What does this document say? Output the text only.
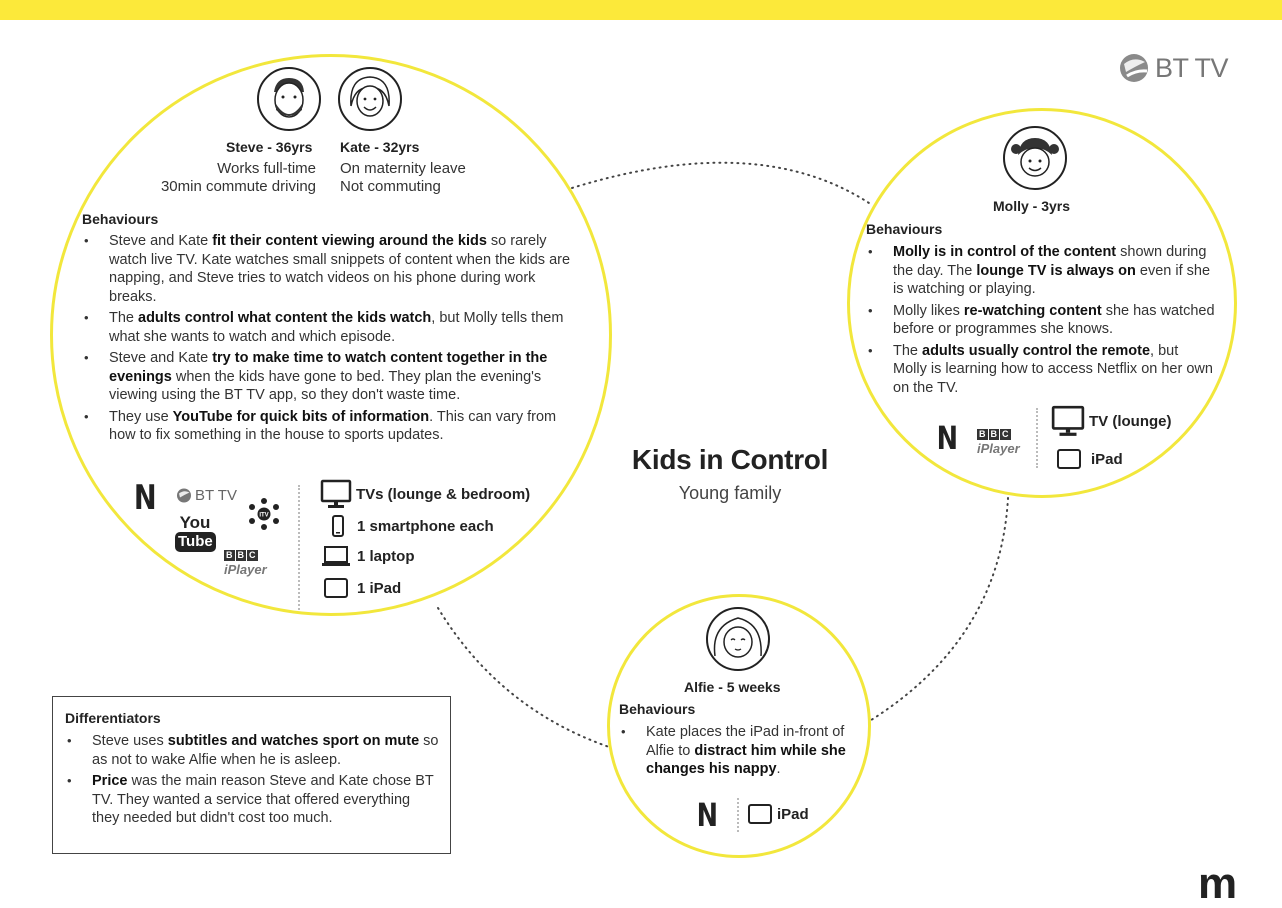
BT TV
Kids in Control
Young family
Steve - 36yrs Kate - 32yrs
Works full-time
30min commute driving
On maternity leave
Not commuting
Behaviours
• Steve and Kate fit their content viewing around the kids so rarely watch live TV. Kate watches small snippets of content when the kids are napping, and Steve tries to watch videos on his phone during work breaks.
• The adults control what content the kids watch, but Molly tells them what she wants to watch and which episode.
• Steve and Kate try to make time to watch content together in the evenings when the kids have gone to bed. They plan the evening's viewing using the BT TV app, so they don't waste time.
• They use YouTube for quick bits of information. This can vary from how to fix something in the house to sports updates.
N	BT TV
You
Tube
ITV
B B C
iPlayer
TVs (lounge & bedroom)
1 smartphone each
1 laptop
1 iPad
Molly - 3yrs
Behaviours
• Molly is in control of the content shown during the day. The lounge TV is always on even if she is watching or playing.
• Molly likes re-watching content she has watched before or programmes she knows.
• The adults usually control the remote, but Molly is learning how to access Netflix on her own on the TV.
N B B C
iPlayer
TV (lounge)
iPad
Alfie - 5 weeks
Behaviours
• Kate places the iPad in-front of Alfie to distract him while she changes his nappy.
N	iPad
Differentiators
• Steve uses subtitles and watches sport on mute so as not to wake Alfie when he is asleep.
• Price was the main reason Steve and Kate chose BT TV. They wanted a service that offered everything they needed but didn't cost too much.
m
